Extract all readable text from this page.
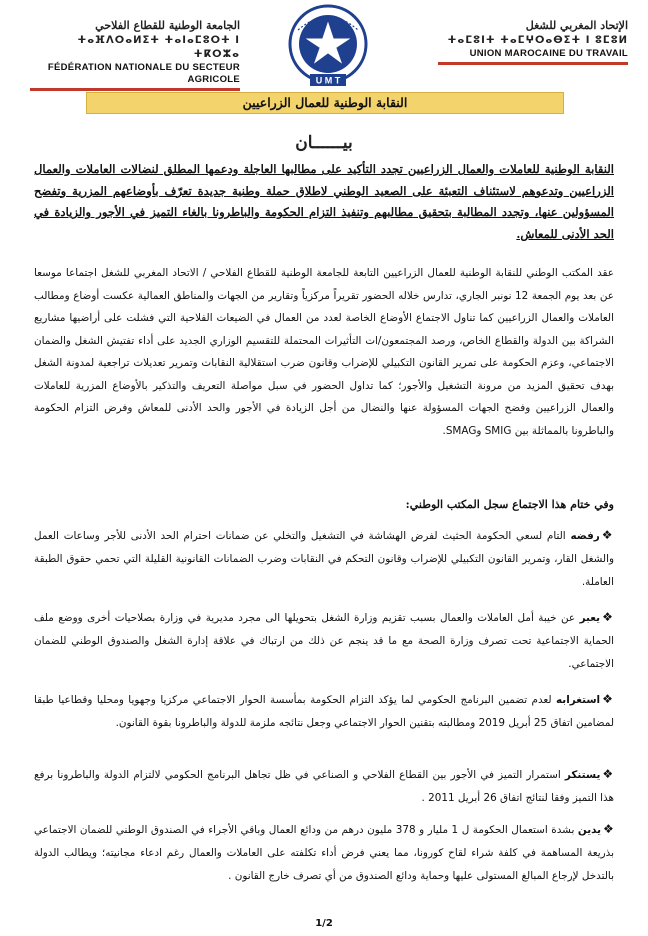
الإتحاد المغربي للشغل
ⵜⴰⵎⵓⵏⵜ ⵜⴰⵎⵖⵔⴰⴱⵉⵜ ⵏ ⵓⵎⵓⵍ
UNION MAROCAINE DU TRAVAIL
U M T
الجامعة الوطنية للقطاع الفلاحي
ⵜⴰⴼⴷⵔⴰⵍⵉⵜ ⵜⴰⵏⴰⵎⵓⵔⵜ ⵏ ⵜⴽⵔⵣⴰ
FÉDÉRATION NATIONALE DU SECTEUR AGRICOLE
النقابة الوطنية للعمال الزراعيين
بيــــــان
النقابة الوطنية للعاملات والعمال الزراعيين تجدد التأكيد على مطالبها العاجلة ودعمها المطلق لنضالات العاملات والعمال الزراعيين وتدعوهم لاستئناف التعبئة على الصعيد الوطني لاطلاق حملة وطنية جديدة تعرّف بأوضاعهم المزرية وتفضح المسؤولين عنها، وتجدد المطالبة بتحقيق مطالبهم وتنفيذ التزام الحكومة والباطرونا بالغاء التميز في الأجور والزيادة في الحد الأدنى للمعاش.
عقد المكتب الوطني للنقابة الوطنية للعمال الزراعيين التابعة للجامعة الوطنية للقطاع الفلاحي / الاتحاد المغربي للشغل اجتماعا موسعا عن بعد يوم الجمعة 12 نونبر الجاري، تدارس خلاله الحضور تقريراً مركزياً وتقارير من الجهات والمناطق العمالية عكست أوضاع ومطالب العاملات والعمال الزراعيين كما تناول الاجتماع الأوضاع الخاصة لعدد من العمال في الضيعات الفلاحية التي فشلت على أراضيها مشاريع الشراكة بين الدولة والقطاع الخاص، ورصد المجتمعون/ات التأثيرات المحتملة للتقسيم الوزاري الجديد على أداء تفتيش الشغل والضمان الاجتماعي، وعزم الحكومة على تمرير القانون التكبيلي للإضراب وقانون ضرب استقلالية النقابات وتمرير تعديلات تراجعية لمدونة الشغل بهدف تحقيق المزيد من مرونة التشغيل والأجور؛ كما تداول الحضور في سبل مواصلة التعريف والتذكير بالأوضاع المزرية للعاملات والعمال الزراعيين وفضح الجهات المسؤولة عنها والنضال من أجل الزيادة في الأجور والحد الأدنى للمعاش وفرض التزام الحكومة والباطرونا بالمماثلة بين SMIG وSMAG.
وفي ختام هذا الاجتماع سجل المكتب الوطني:
❖رفضه التام لسعي الحكومة الحثيث لفرض الهشاشة في التشغيل والتخلي عن ضمانات احترام الحد الأدنى للأجر وساعات العمل والشغل القار، وتمرير القانون التكبيلي للإضراب وقانون التحكم في النقابات وضرب الضمانات القانونية القليلة التي تحمي حقوق الطبقة العاملة.
❖يعبر عن خيبة أمل العاملات والعمال بسبب تقزيم وزارة الشغل بتحويلها الى مجرد مديرية في وزارة بصلاحيات أخرى ووضع ملف الحماية الاجتماعية تحت تصرف وزارة الصحة مع ما قد ينجم عن ذلك من ارتباك في علاقة إدارة الشغل والصندوق الوطني للضمان الاجتماعي.
❖استغرابه لعدم تضمين البرنامج الحكومي لما يؤكد التزام الحكومة بمأسسة الحوار الاجتماعي مركزيا وجهويا ومحليا وقطاعيا طبقا لمضامين اتفاق 25 أبريل 2019 ومطالبته بتقنين الحوار الاجتماعي وجعل نتائجه ملزمة للدولة والباطرونا بقوة القانون.
❖يستنكر استمرار التميز في الأجور بين القطاع الفلاحي و الصناعي في ظل تجاهل البرنامج الحكومي لالتزام الدولة والباطرونا برفع هذا التميز وفقا لنتائج اتفاق 26 أبريل 2011 .
❖يدين بشدة استعمال الحكومة ل 1 مليار و 378 مليون درهم من ودائع العمال وباقي الأجراء في الصندوق الوطني للضمان الاجتماعي بذريعة المساهمة في كلفة شراء لقاح كورونا، مما يعني فرض أداء تكلفته على العاملات والعمال رغم ادعاء مجانيته؛ ويطالب الدولة بالتدخل لإرجاع المبالغ المستولى عليها وحماية ودائع الصندوق من أي تصرف خارج القانون .
1/2
